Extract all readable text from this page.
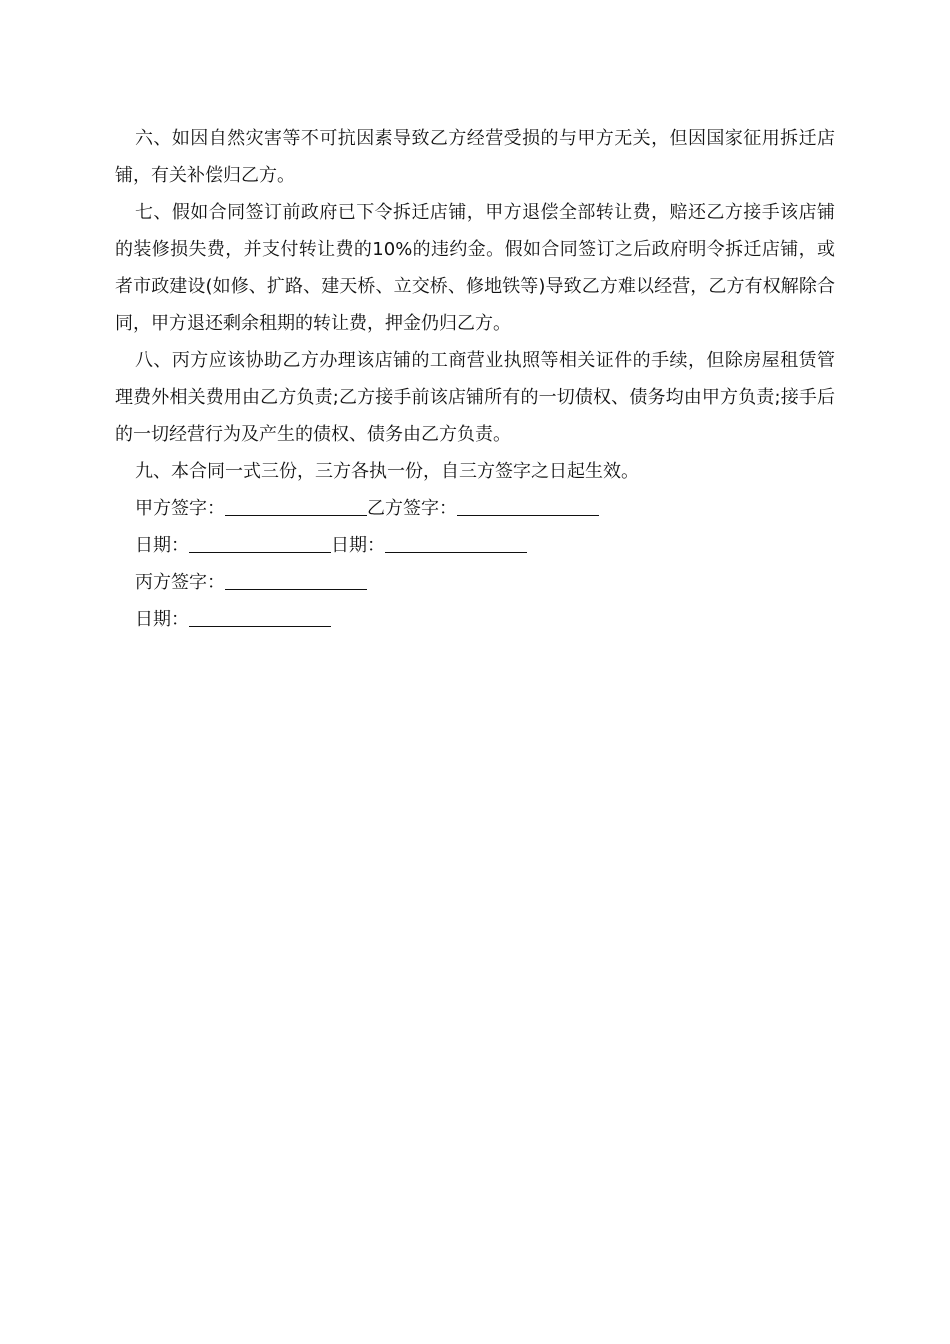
六、如因自然灾害等不可抗因素导致乙方经营受损的与甲方无关，但因国家征用拆迁店铺，有关补偿归乙方。

七、假如合同签订前政府已下令拆迁店铺，甲方退偿全部转让费，赔还乙方接手该店铺的装修损失费，并支付转让费的10%的违约金。假如合同签订之后政府明令拆迁店铺，或者市政建设(如修、扩路、建天桥、立交桥、修地铁等)导致乙方难以经营，乙方有权解除合同，甲方退还剩余租期的转让费，押金仍归乙方。

八、丙方应该协助乙方办理该店铺的工商营业执照等相关证件的手续，但除房屋租赁管理费外相关费用由乙方负责;乙方接手前该店铺所有的一切债权、债务均由甲方负责;接手后的一切经营行为及产生的债权、债务由乙方负责。

九、本合同一式三份，三方各执一份，自三方签字之日起生效。

甲方签字：	乙方签字：

日期：	日期：

丙方签字：

日期：
